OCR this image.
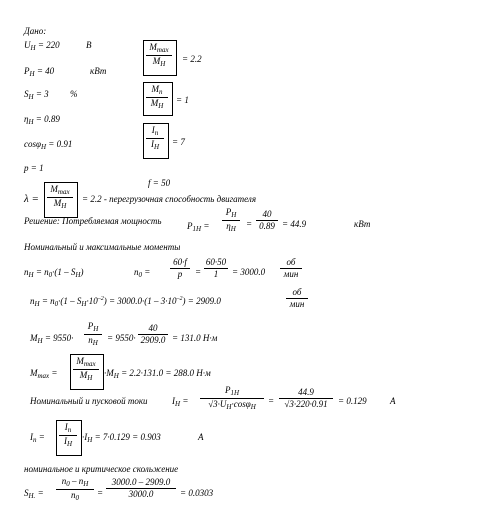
Дано:
$U_H = 220$	B
$P_H = 40$	кВт
$S_H = 3$ %
$\eta_H = 0.89$
cosφ$_H$ = 0.91
p = 1
f = 50
$M_{max}$
$M_H$	= 2.2
$M_n$
$M_H$
= 1
$I_n$
$I_H$	= 7
λ =
$M_{max}$
$M_H$
= 2.2 - перегрузочная способность двигателя
Решение: Потребляемая мощность	$P_{1H}$ =
$P_H$
$\eta_H$	=
40
0.89 = 44.9	кВт
Номинальный и максимальные моменты
$n_H = n_0\cdot(1 - S_H)$	$n_0$ =
60·f
p	=
60·50
1	= 3000.0
об
мин
$n_H = n_0\cdot(1 - S_H\cdot 10^{-2}) = 3000.0\cdot(1 - 3\cdot 10^{-2}) = 2909.0$
об
мин
$M_H = 9550\cdot$
$P_H$
$n_H$	= 9550·
40
2909.0 = 131.0 Н·м
$M_{max}$ =
$M_{max}$
$M_H$	$\cdot M_H = 2.2\cdot 131.0 = 288.0$ Н·м
Номинальный и пусковой токи	$I_H$ =
$P_{1H}$
$√3\cdot U_H\cdot\cos\varphi_H$
=
44.9
√3·220·0.91	= 0.129	A
$I_n$ =
$I_n$
$I_H$
$\cdot I_H = 7\cdot 0.129 = 0.903$	A
номинальное и критическое скольжение
$S_{H.}$ =
$n_0 - n_H$
$n_0$	=
3000.0 – 2909.0
3000.0	= 0.0303
